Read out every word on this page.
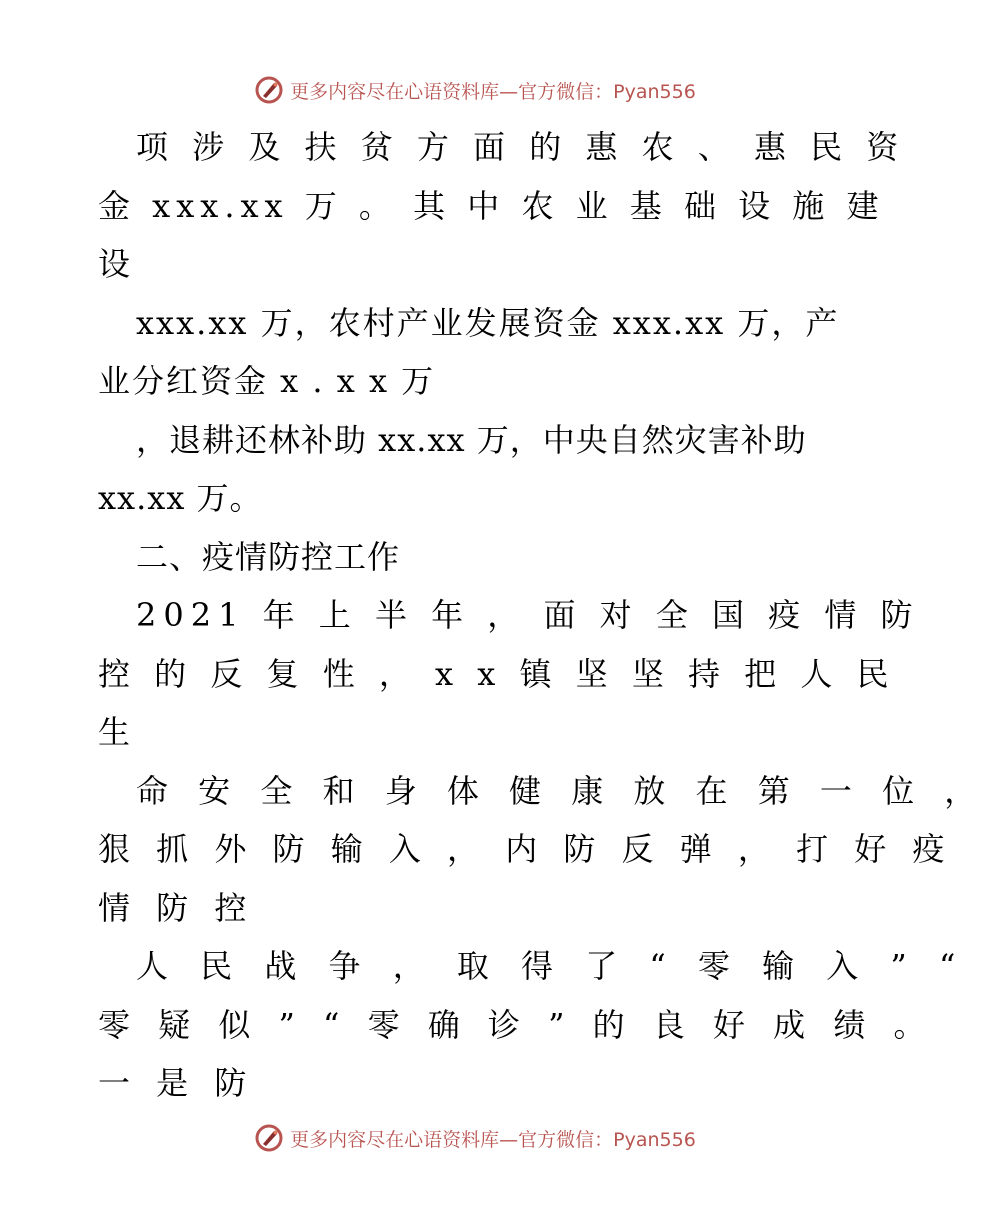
更多内容尽在心语资料库—官方微信：Pyan556
项 涉 及 扶 贫 方 面 的 惠 农 、 惠 民 资
金 xxx.xx 万 。 其 中 农 业 基 础 设 施 建
设
xxx.xx 万，农村产业发展资金 xxx.xx 万，产
业分红资金 x . x x 万
，退耕还林补助 xx.xx 万，中央自然灾害补助
xx.xx 万。
二、疫情防控工作
2021 年 上 半 年 ， 面 对 全 国 疫 情 防
控 的 反 复 性 ， x x 镇 坚 坚 持 把 人 民
生
命 安 全 和 身 体 健 康 放 在 第 一 位 ，
狠 抓 外 防 输 入 ， 内 防 反 弹 ， 打 好 疫
情 防 控
人 民 战 争 ， 取 得 了 “ 零 输 入 ” “
零 疑 似 ” “ 零 确 诊 ” 的 良 好 成 绩 。
一 是 防
更多内容尽在心语资料库—官方微信：Pyan556
